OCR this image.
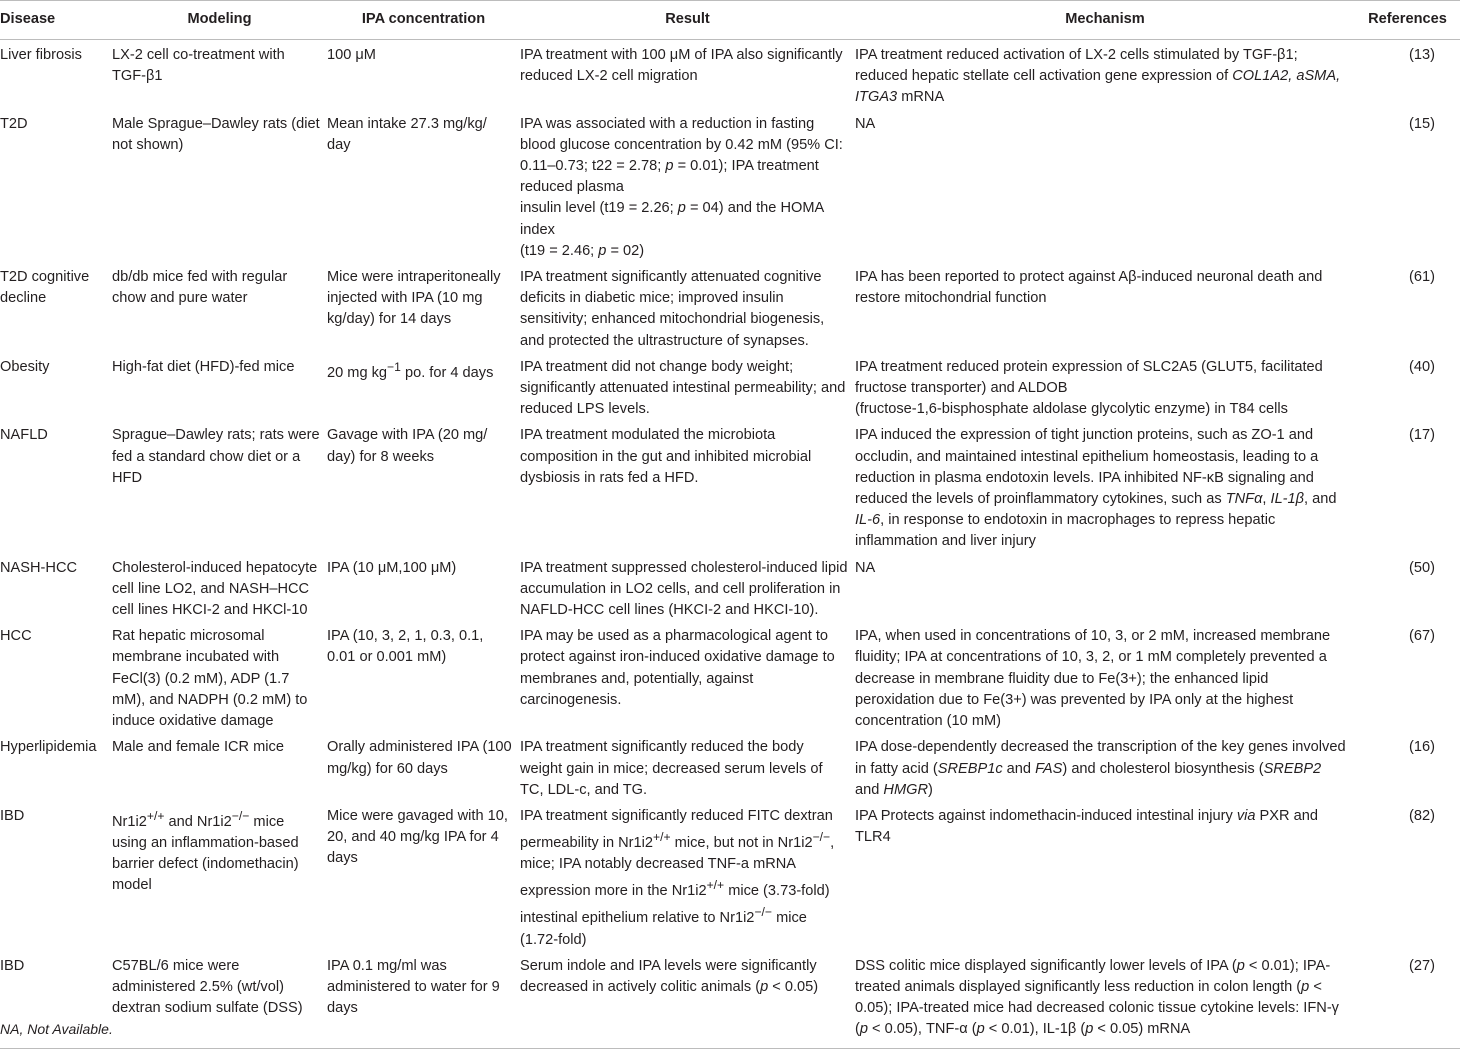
Disease	Modeling	IPA concentration	Result	Mechanism	References
Liver fibrosis	LX-2 cell co-treatment with TGF-β1	100 μM	IPA treatment with 100 μM of IPA also significantly reduced LX-2 cell migration	IPA treatment reduced activation of LX-2 cells stimulated by TGF-β1; reduced hepatic stellate cell activation gene expression of COL1A2, aSMA, ITGA3 mRNA	(13)
T2D	Male Sprague–Dawley rats (diet not shown)	Mean intake 27.3 mg/kg/ day	IPA was associated with a reduction in fasting blood glucose concentration by 0.42 mM (95% CI: 0.11–0.73; t22 = 2.78; p = 0.01); IPA treatment reduced plasma
insulin level (t19 = 2.26; p = 04) and the HOMA index
(t19 = 2.46; p = 02)	NA	(15)
T2D cognitive decline	db/db mice fed with regular chow and pure water	Mice were intraperitoneally injected with IPA (10 mg kg/day) for 14 days	IPA treatment significantly attenuated cognitive deficits in diabetic mice; improved insulin sensitivity; enhanced mitochondrial biogenesis, and protected the ultrastructure of synapses.	IPA has been reported to protect against Aβ-induced neuronal death and restore mitochondrial function	(61)
Obesity	High-fat diet (HFD)-fed mice	20 mg $kg^{-1}$ po. for 4 days	IPA treatment did not change body weight; significantly attenuated intestinal permeability; and reduced LPS levels.	IPA treatment reduced protein expression of SLC2A5 (GLUT5, facilitated fructose transporter) and ALDOB
(fructose-1,6-bisphosphate aldolase glycolytic enzyme) in T84 cells	(40)
NAFLD	Sprague–Dawley rats; rats were fed a standard chow diet or a HFD	Gavage with IPA (20 mg/ day) for 8 weeks	IPA treatment modulated the microbiota composition in the gut and inhibited microbial dysbiosis in rats fed a HFD.	IPA induced the expression of tight junction proteins, such as ZO-1 and occludin, and maintained intestinal epithelium homeostasis, leading to a reduction in plasma endotoxin levels. IPA inhibited NF-κB signaling and reduced the levels of proinflammatory cytokines, such as TNFα, IL-1β, and IL-6, in response to endotoxin in macrophages to repress hepatic inflammation and liver injury	(17)
NASH-HCC	Cholesterol-induced hepatocyte cell line LO2, and NASH–HCC cell lines HKCI-2 and HKCl-10	IPA (10 μM,100 μM)	IPA treatment suppressed cholesterol-induced lipid accumulation in LO2 cells, and cell proliferation in NAFLD-HCC cell lines (HKCI-2 and HKCI-10).	NA	(50)
HCC	Rat hepatic microsomal membrane incubated with FeCl(3) (0.2 mM), ADP (1.7 mM), and NADPH (0.2 mM) to induce oxidative damage	IPA (10, 3, 2, 1, 0.3, 0.1, 0.01 or 0.001 mM)	IPA may be used as a pharmacological agent to protect against iron-induced oxidative damage to membranes and, potentially, against carcinogenesis.	IPA, when used in concentrations of 10, 3, or 2 mM, increased membrane fluidity; IPA at concentrations of 10, 3, 2, or 1 mM completely prevented a decrease in membrane fluidity due to Fe(3+); the enhanced lipid peroxidation due to Fe(3+) was prevented by IPA only at the highest concentration (10 mM)	(67)
Hyperlipidemia	Male and female ICR mice	Orally administered IPA (100 mg/kg) for 60 days	IPA treatment significantly reduced the body weight gain in mice; decreased serum levels of TC, LDL-c, and TG.	IPA dose-dependently decreased the transcription of the key genes involved in fatty acid (SREBP1c and FAS) and cholesterol biosynthesis (SREBP2 and HMGR)	(16)
IBD	Nr1i2+/+ and Nr1i2−/− mice using an inflammation-based barrier defect (indomethacin) model	Mice were gavaged with 10, 20, and 40 mg/kg IPA for 4 days	IPA treatment significantly reduced FITC dextran permeability in Nr1i2+/+ mice, but not in Nr1i2−/−, mice; IPA notably decreased TNF-a mRNA expression more in the Nr1i2+/+ mice (3.73-fold) intestinal epithelium relative to Nr1i2−/− mice (1.72-fold)	IPA Protects against indomethacin-induced intestinal injury via PXR and TLR4	(82)
IBD	C57BL/6 mice were administered 2.5% (wt/vol) dextran sodium sulfate (DSS)	IPA 0.1 mg/ml was administered to water for 9 days	Serum indole and IPA levels were significantly decreased in actively colitic animals (p < 0.05)	DSS colitic mice displayed significantly lower levels of IPA (p < 0.01); IPA-treated animals displayed significantly less reduction in colon length (p < 0.05); IPA-treated mice had decreased colonic tissue cytokine levels: IFN-γ (p < 0.05), TNF-α (p < 0.01), IL-1β (p < 0.05) mRNA	(27)
NA, Not Available.
